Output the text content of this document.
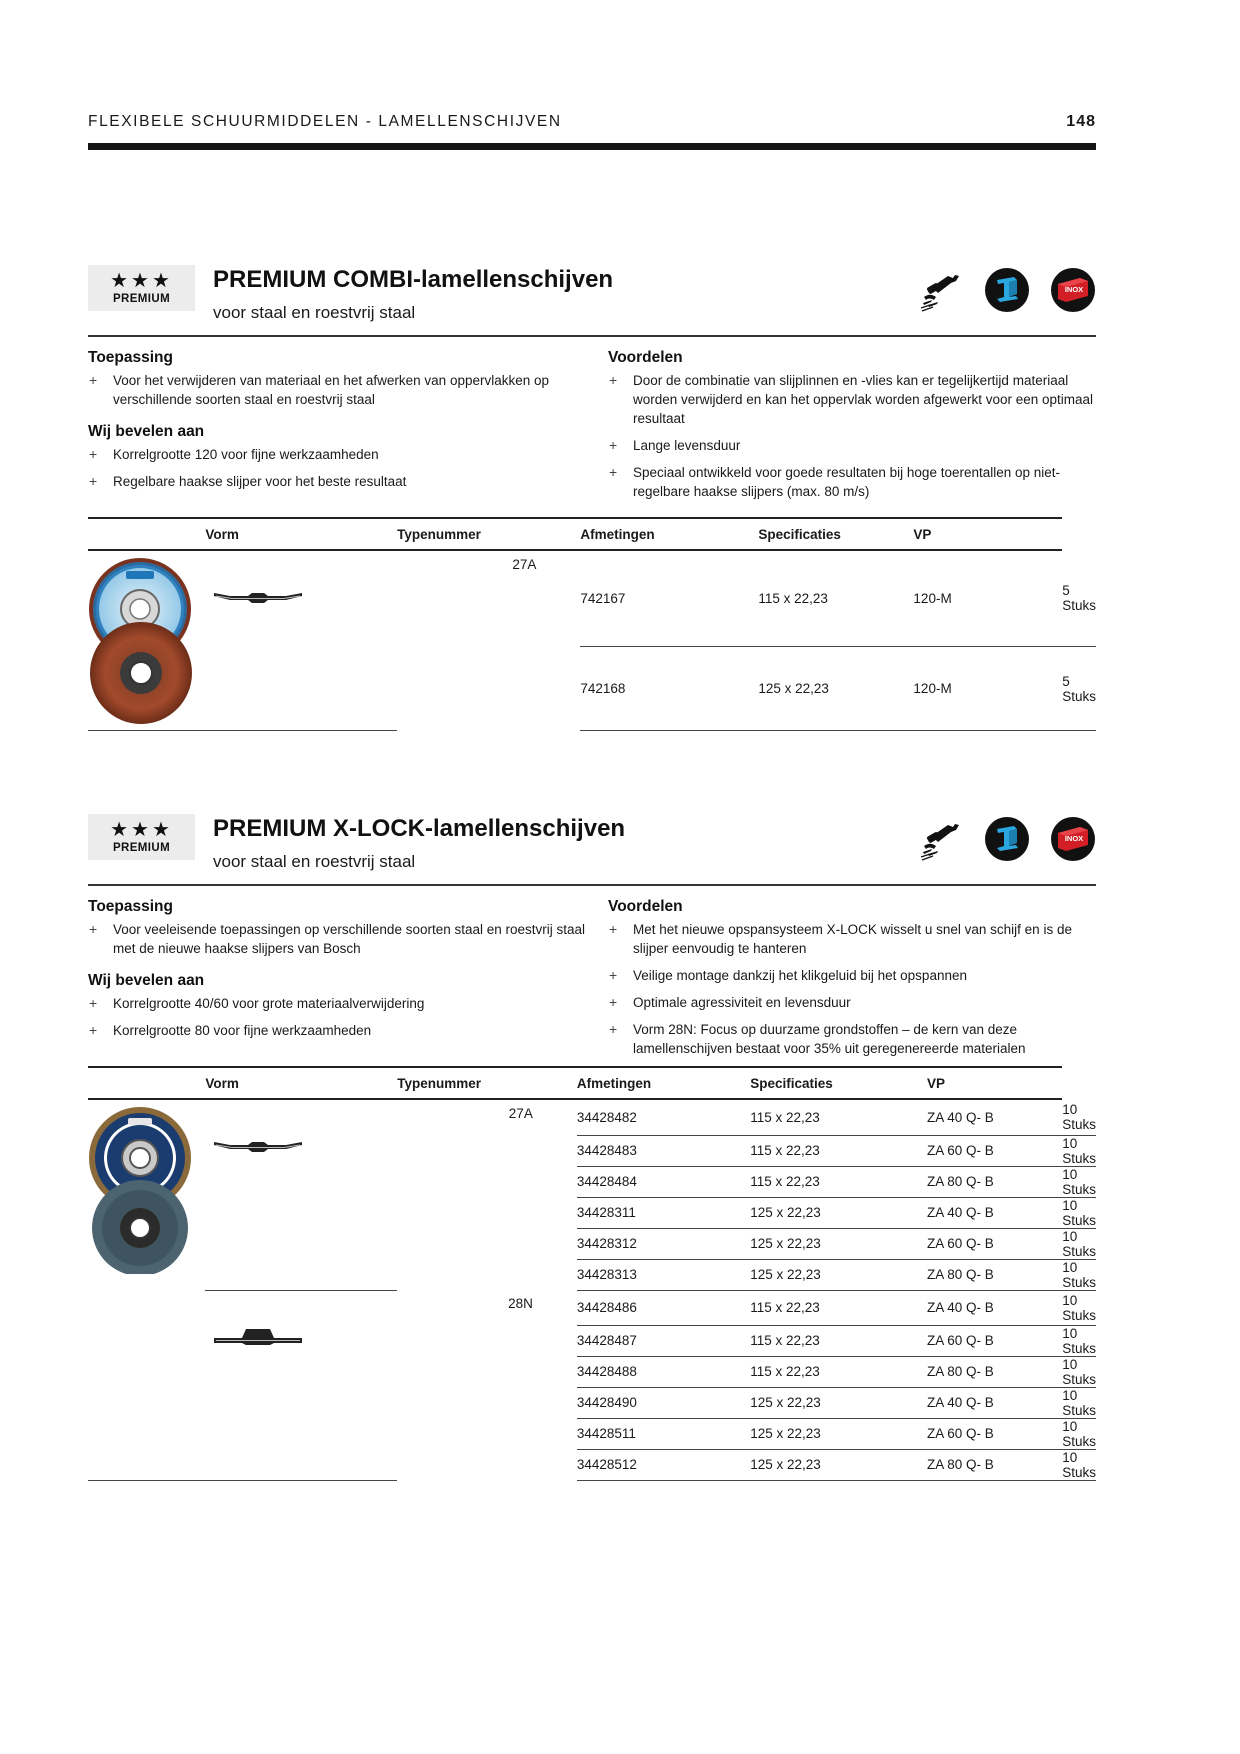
FLEXIBELE SCHUURMIDDELEN - LAMELLENSCHIJVEN	148
★★★
PREMIUM
PREMIUM COMBI-lamellenschijven
voor staal en roestvrij staal
INOX
Toepassing
+ Voor het verwijderen van materiaal en het afwerken van oppervlakken op verschillende soorten staal en roestvrij staal
Wij bevelen aan
+ Korrelgrootte 120 voor fijne werkzaamheden
+ Regelbare haakse slijper voor het beste resultaat
Voordelen
+ Door de combinatie van slijplinnen en -vlies kan er tegelijkertijd materiaal worden verwijderd en kan het oppervlak worden afgewerkt voor een optimaal resultaat
+ Lange levensduur
+ Speciaal ontwikkeld voor goede resultaten bij hoge toerentallen op niet-regelbare haakse slijpers (max. 80 m/s)
	Vorm	Typenummer	Afmetingen	Specificaties	VP	

	27A	742167	115 x 22,23	120-M	5 Stuks
			742168	125 x 22,23	120-M	5 Stuks
★★★
PREMIUM
PREMIUM X-LOCK-lamellenschijven
voor staal en roestvrij staal
INOX
Toepassing
+ Voor veeleisende toepassingen op verschillende soorten staal en roestvrij staal met de nieuwe haakse slijpers van Bosch
Wij bevelen aan
+ Korrelgrootte 40/60 voor grote materiaalverwijdering
+ Korrelgrootte 80 voor fijne werkzaamheden
Voordelen
+ Met het nieuwe opspansysteem X-LOCK wisselt u snel van schijf en is de slijper eenvoudig te hanteren
+ Veilige montage dankzij het klikgeluid bij het opspannen
+ Optimale agressiviteit en levensduur
+ Vorm 28N: Focus op duurzame grondstoffen – de kern van deze lamellenschijven bestaat voor 35% uit geregenereerde materialen
	Vorm	Typenummer	Afmetingen	Specificaties	VP	

	27A	34428482	115 x 22,23	ZA 40 Q- B	10 Stuks
			34428483	115 x 22,23	ZA 60 Q- B	10 Stuks
			34428484	115 x 22,23	ZA 80 Q- B	10 Stuks
			34428311	125 x 22,23	ZA 40 Q- B	10 Stuks
			34428312	125 x 22,23	ZA 60 Q- B	10 Stuks
			34428313	125 x 22,23	ZA 80 Q- B	10 Stuks

	28N	34428486	115 x 22,23	ZA 40 Q- B	10 Stuks
			34428487	115 x 22,23	ZA 60 Q- B	10 Stuks
			34428488	115 x 22,23	ZA 80 Q- B	10 Stuks
			34428490	125 x 22,23	ZA 40 Q- B	10 Stuks
			34428511	125 x 22,23	ZA 60 Q- B	10 Stuks
			34428512	125 x 22,23	ZA 80 Q- B	10 Stuks
